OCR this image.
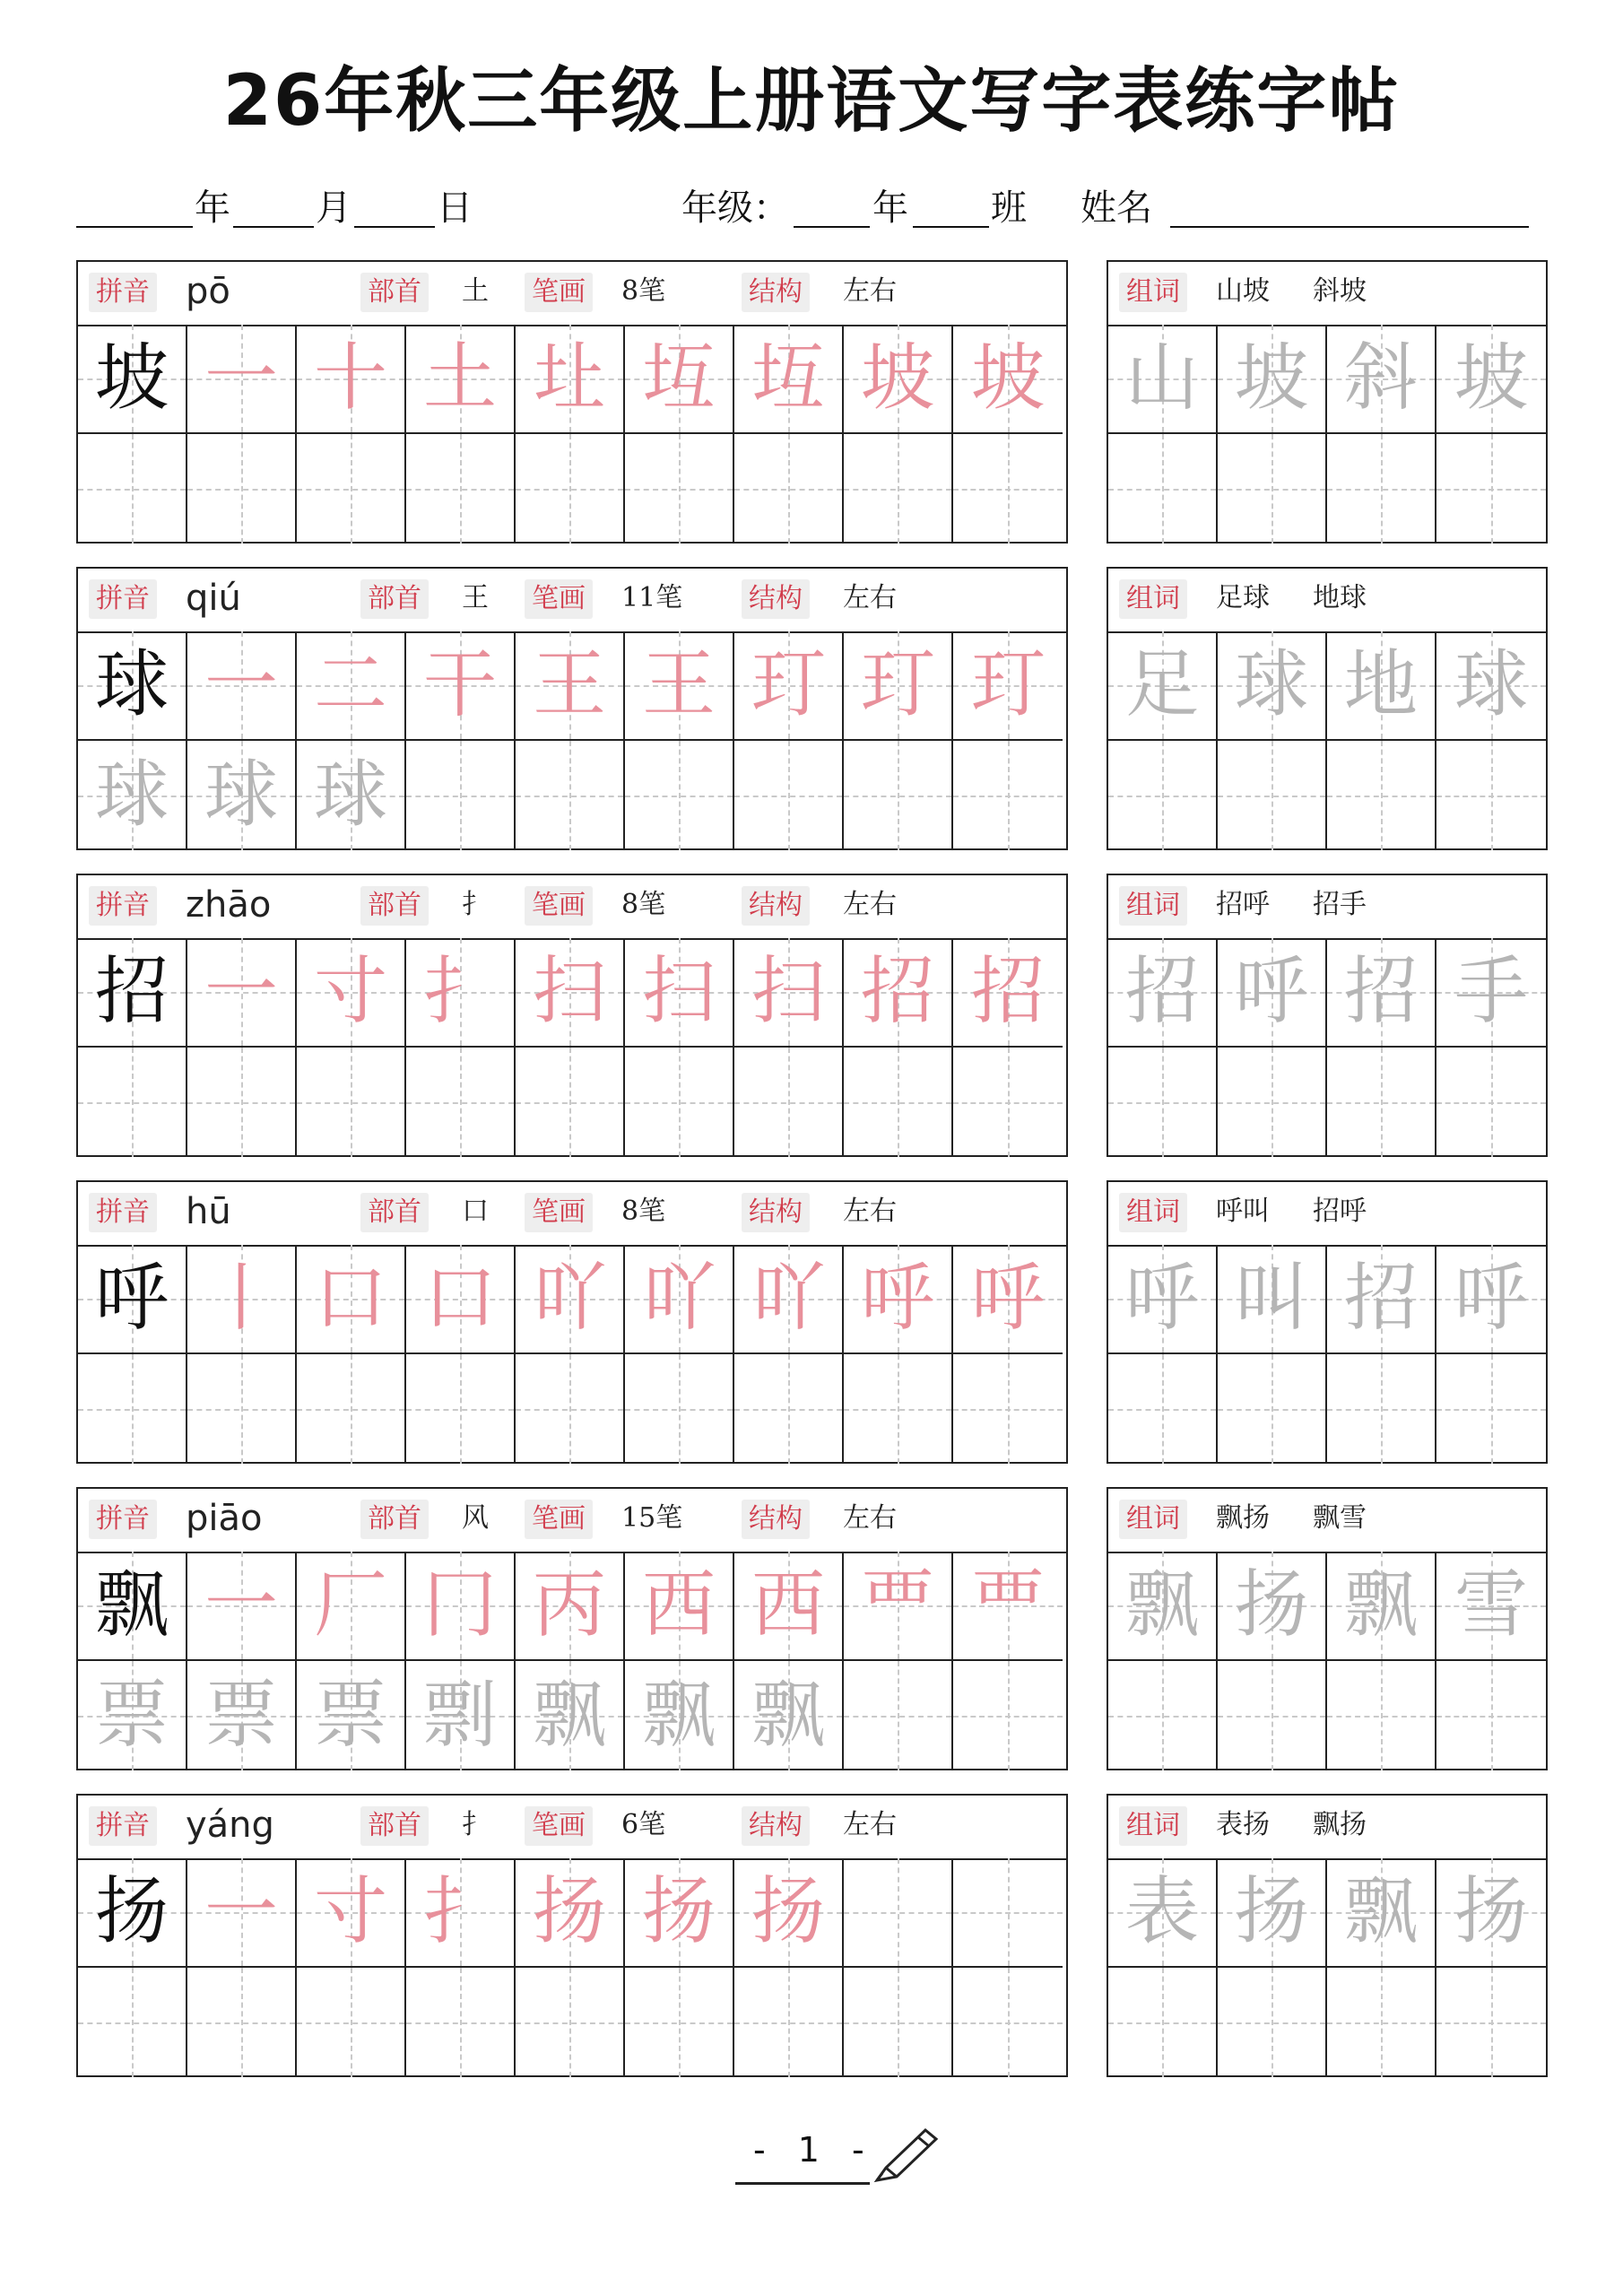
26年秋三年级上册语文写字表练字帖
年 月 日	年级： 年 班 姓名
拼音 pō	部首 土 笔画 8笔	结构 左右
坡 一 十 土 圵 坘 坘 坡 坡
组词 山坡 斜坡
山 坡 斜 坡
拼音 qiú	部首 王 笔画 11笔 结构 左右
球 一 二 干 王 王 玎 玎 玎
球 球 球
组词 足球 地球
足 球 地 球
拼音 zhāo	部首 扌 笔画 8笔	结构 左右
招 一 寸 扌 扫 扫 扫 招 招
组词 招呼 招手
招 呼 招 手
拼音 hū	部首 口 笔画 8笔	结构 左右
呼 丨 口 口 吖 吖 吖 呼 呼
组词 呼叫 招呼
呼 叫 招 呼
拼音 piāo	部首 风 笔画 15笔 结构 左右
飘 一 厂 冂 丙 西 西 覀 覀
票 票 票 剽 飘 飘 飘
组词 飘扬 飘雪
飘 扬 飘 雪
拼音 yáng	部首 扌 笔画 6笔	结构 左右
扬 一 寸 扌 扬 扬 扬
组词 表扬 飘扬
表 扬 飘 扬
- 1 -
